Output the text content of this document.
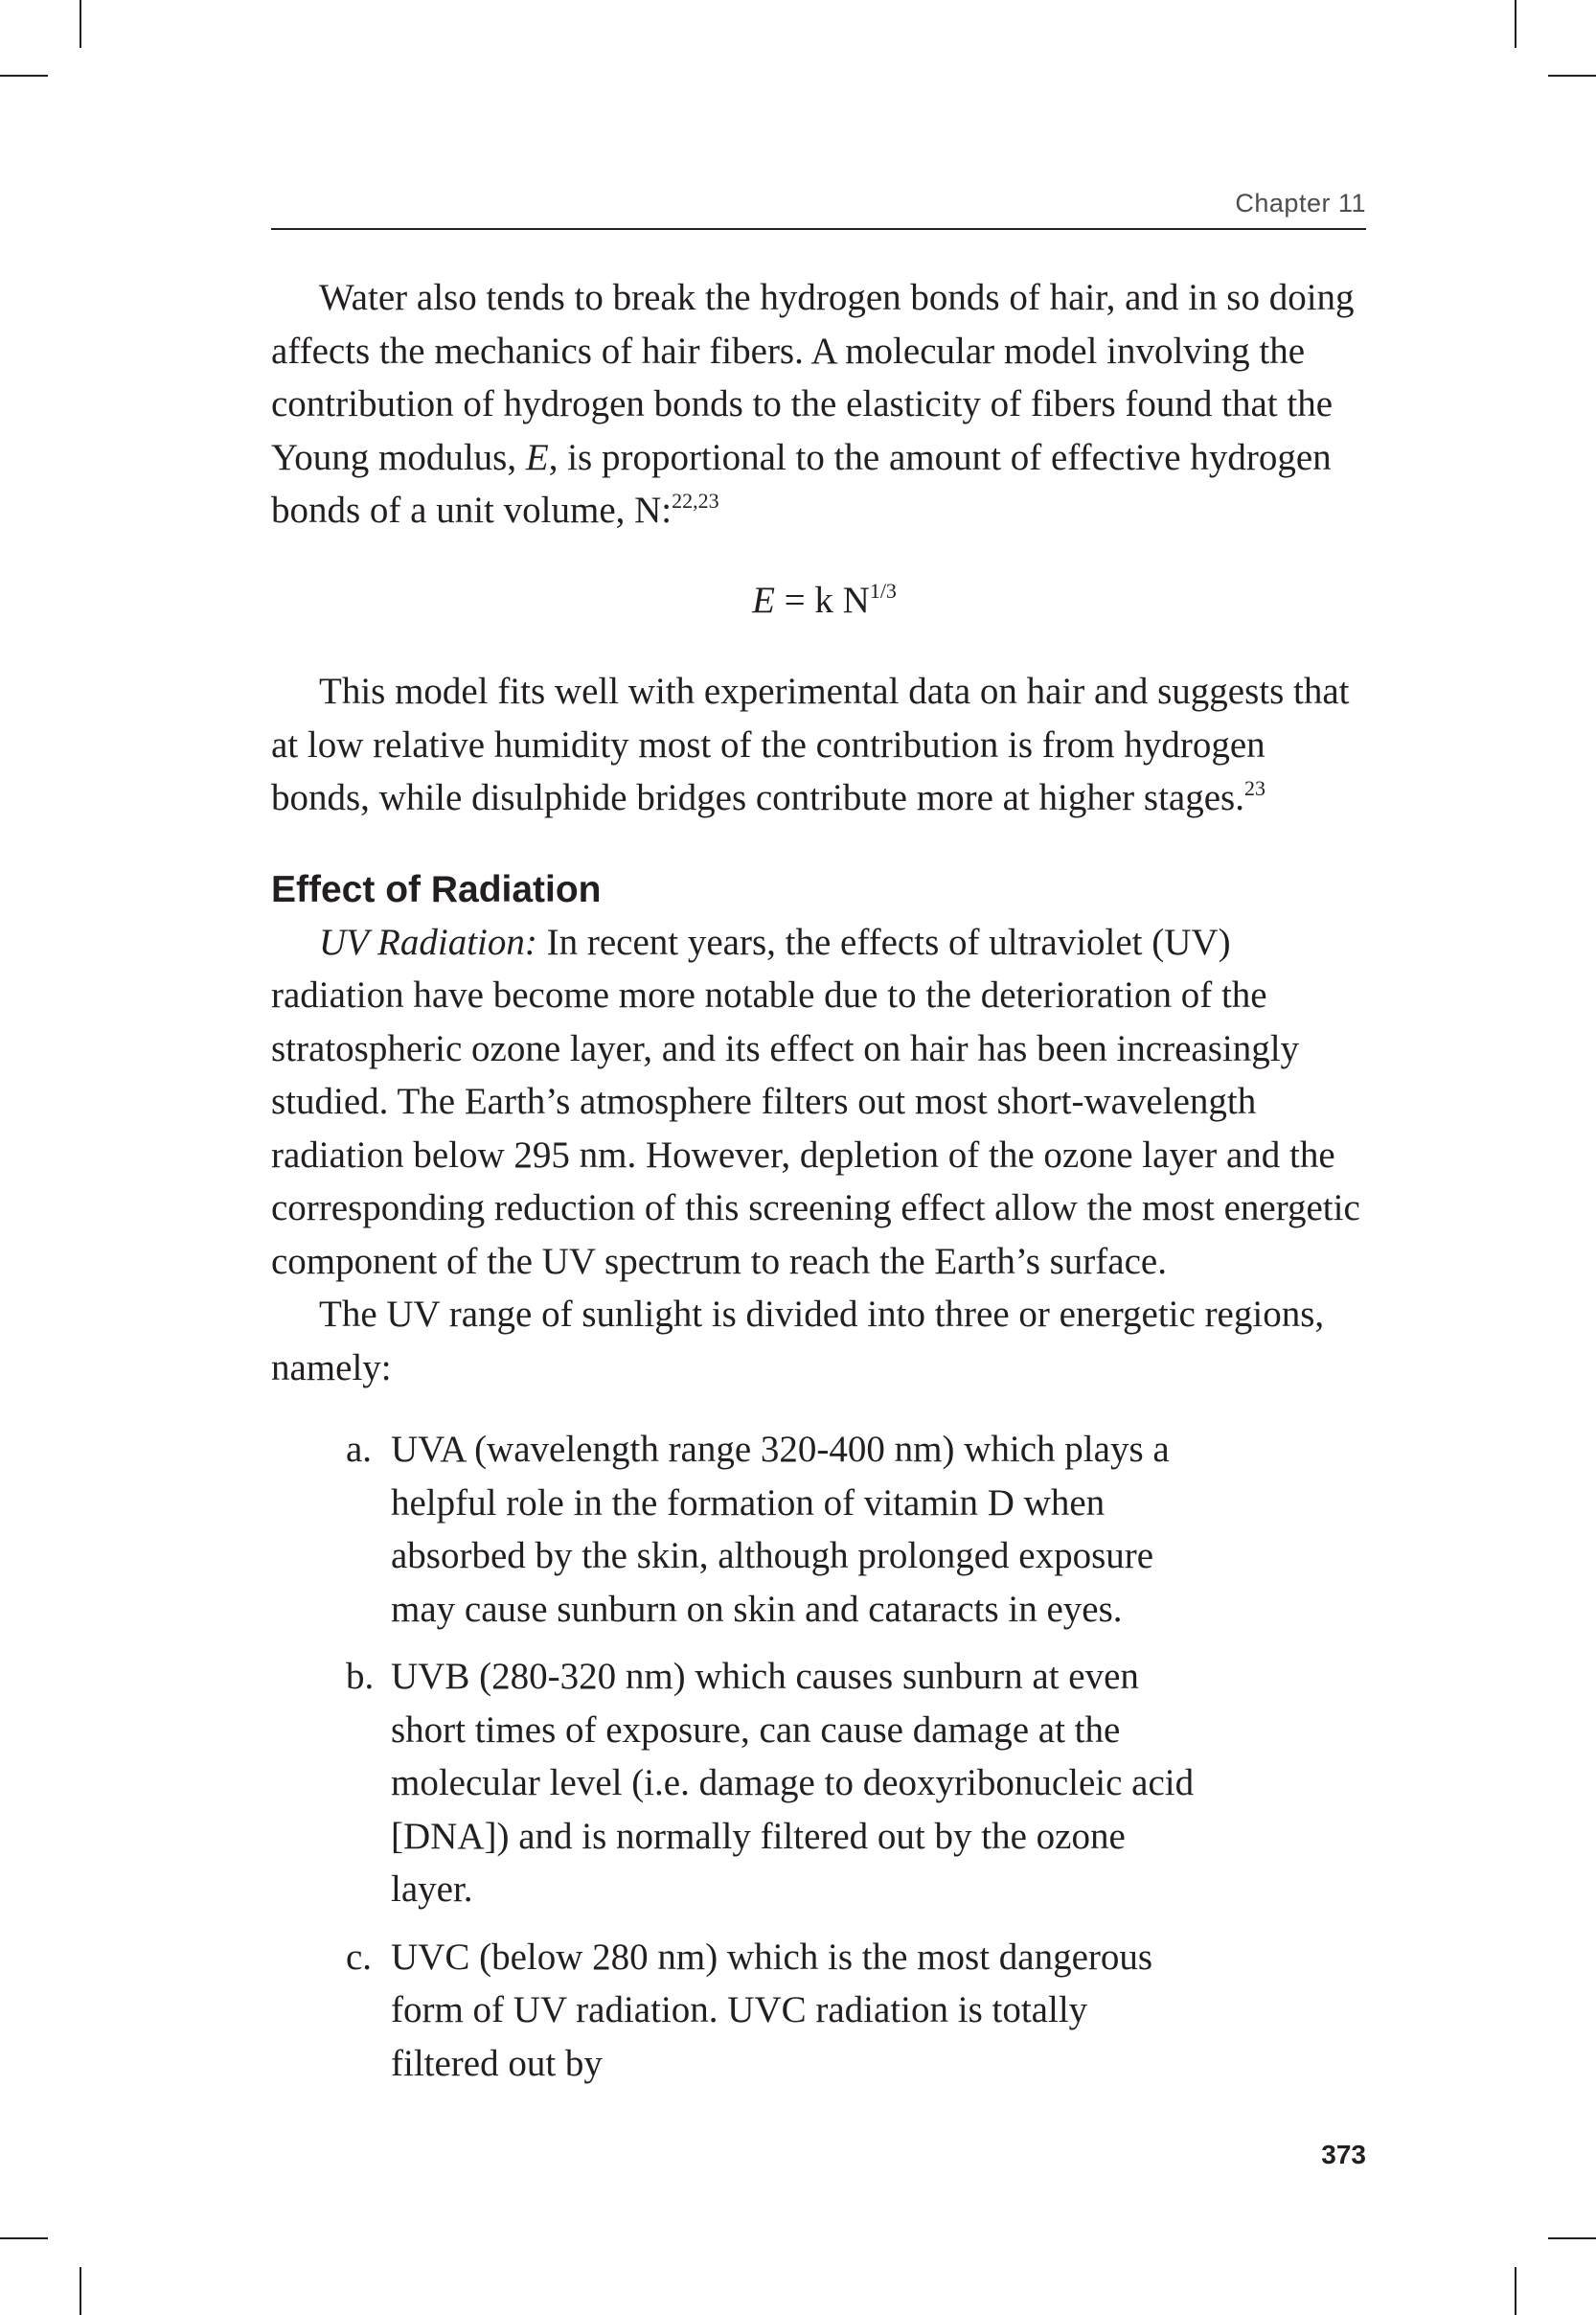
Chapter 11

Water also tends to break the hydrogen bonds of hair, and in so doing affects the mechanics of hair fibers. A molecular model involving the contribution of hydrogen bonds to the elasticity of fibers found that the Young modulus, E, is proportional to the amount of effective hydrogen bonds of a unit volume, N:$^{22,23}$

E = k $N^{1/3}$

This model fits well with experimental data on hair and suggests that at low relative humidity most of the contribution is from hydrogen bonds, while disulphide bridges contribute more at higher stages.$^{23}$

Effect of Radiation

UV Radiation: In recent years, the effects of ultraviolet (UV) radiation have become more notable due to the deterioration of the stratospheric ozone layer, and its effect on hair has been increasingly studied. The Earth’s atmosphere filters out most short-wavelength radiation below 295 nm. However, depletion of the ozone layer and the corresponding reduction of this screening effect allow the most energetic component of the UV spectrum to reach the Earth’s surface.

The UV range of sunlight is divided into three or energetic regions, namely:

a. UVA (wavelength range 320-400 nm) which plays a helpful role in the formation of vitamin D when absorbed by the skin, although prolonged exposure may cause sunburn on skin and cataracts in eyes.
b. UVB (280-320 nm) which causes sunburn at even short times of exposure, can cause damage at the molecular level (i.e. damage to deoxyribonucleic acid [DNA]) and is normally filtered out by the ozone layer.
c. UVC (below 280 nm) which is the most dangerous form of UV radiation. UVC radiation is totally filtered out by
373
